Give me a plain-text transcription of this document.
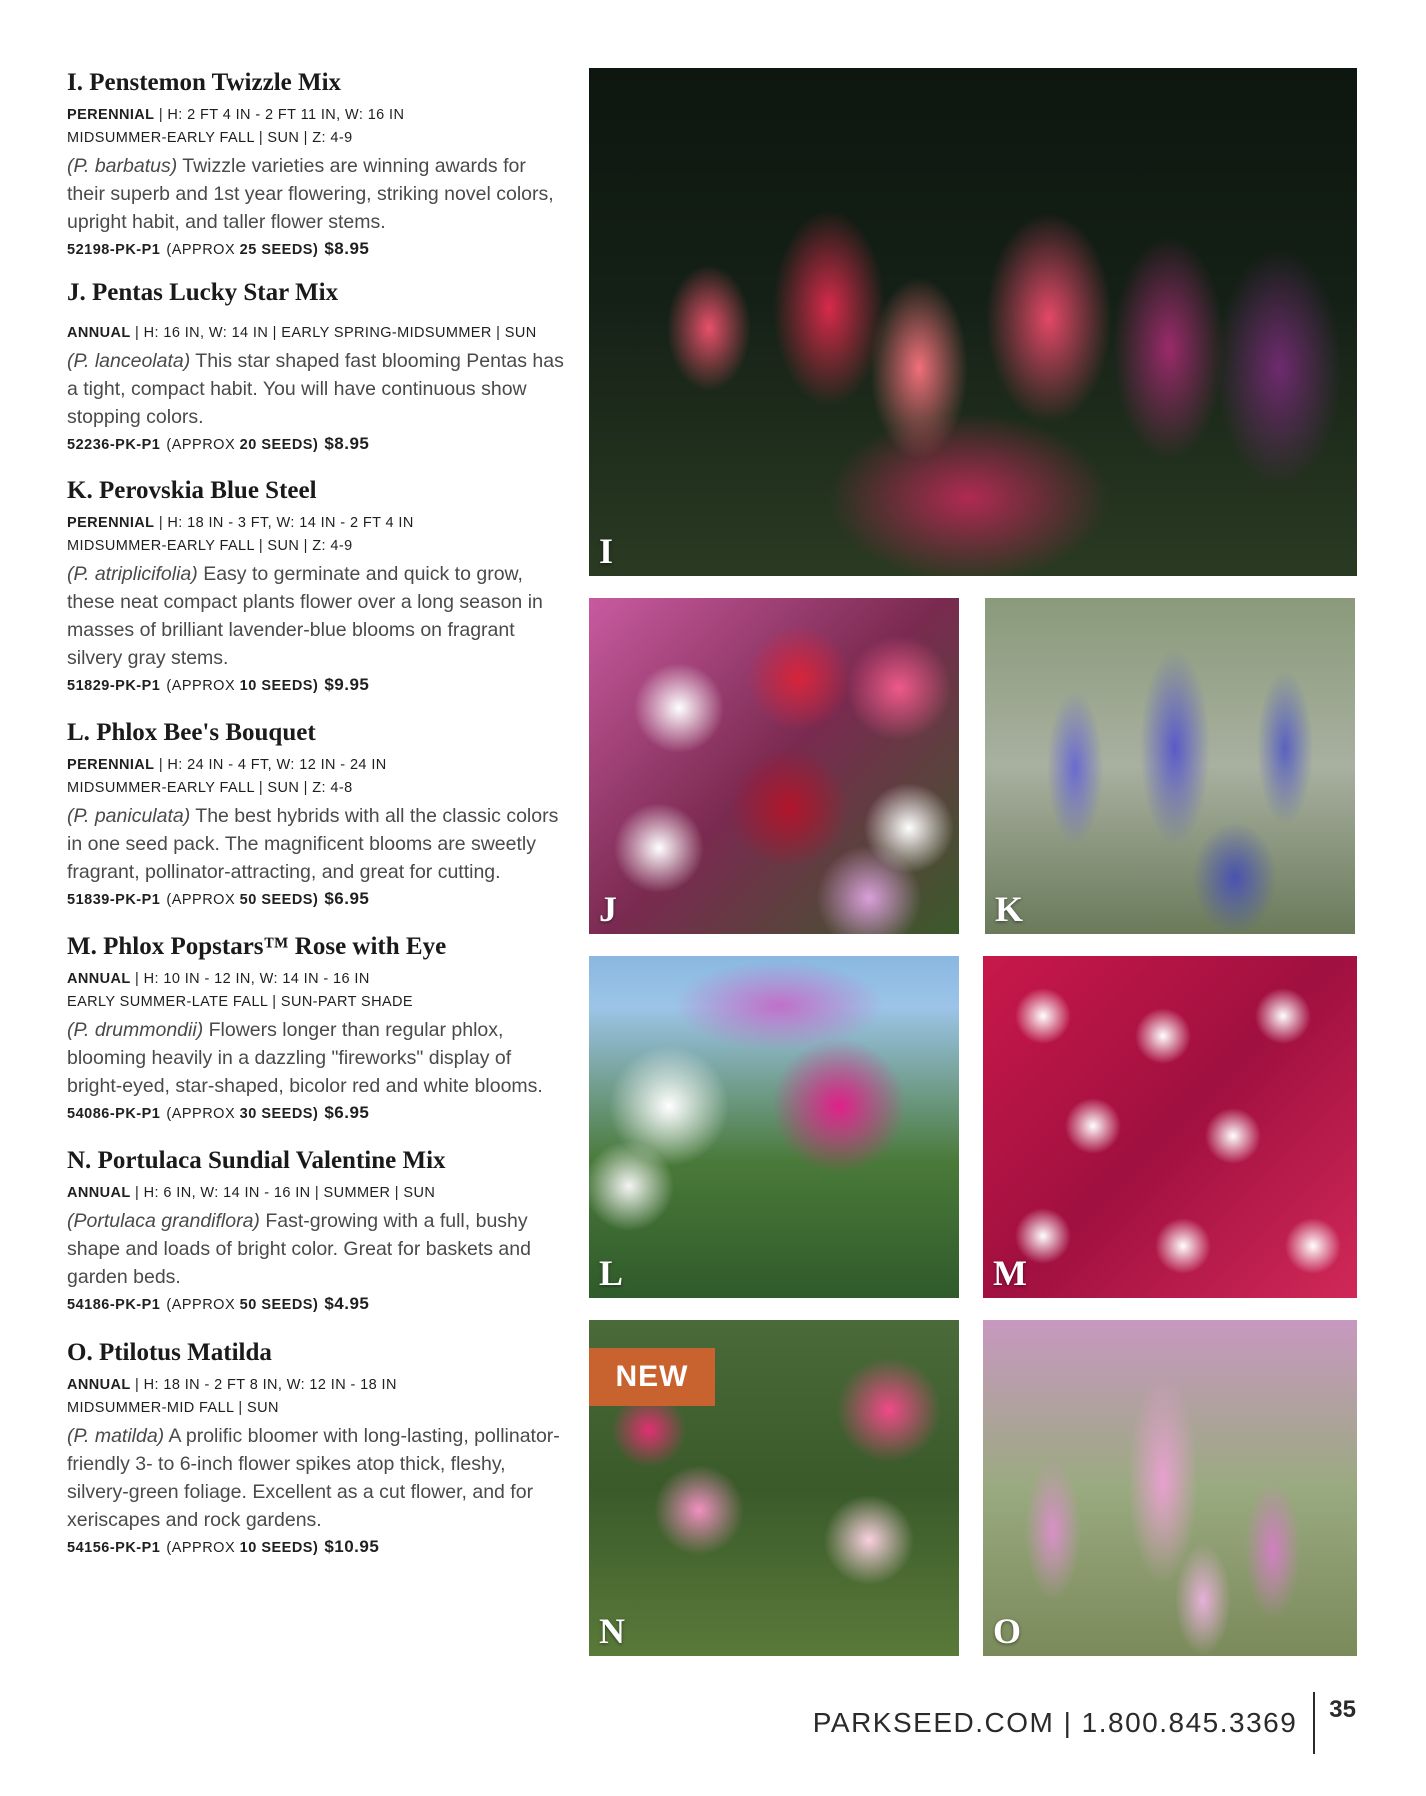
I. Penstemon Twizzle Mix
PERENNIAL | H: 2 FT 4 IN - 2 FT 11 IN, W: 16 IN
MIDSUMMER-EARLY FALL | SUN | Z: 4-9
(P. barbatus) Twizzle varieties are winning awards for their superb and 1st year flowering, striking novel colors, upright habit, and taller flower stems.
52198-PK-P1 (APPROX 25 SEEDS) $8.95
J. Pentas Lucky Star Mix
ANNUAL | H: 16 IN, W: 14 IN | EARLY SPRING-MIDSUMMER | SUN
(P. lanceolata) This star shaped fast blooming Pentas has a tight, compact habit. You will have continuous show stopping colors.
52236-PK-P1 (APPROX 20 SEEDS) $8.95
K. Perovskia Blue Steel
PERENNIAL | H: 18 IN - 3 FT, W: 14 IN - 2 FT 4 IN
MIDSUMMER-EARLY FALL | SUN | Z: 4-9
(P. atriplicifolia) Easy to germinate and quick to grow, these neat compact plants flower over a long season in masses of brilliant lavender-blue blooms on fragrant silvery gray stems.
51829-PK-P1 (APPROX 10 SEEDS) $9.95
L. Phlox Bee's Bouquet
PERENNIAL | H: 24 IN - 4 FT, W: 12 IN - 24 IN
MIDSUMMER-EARLY FALL | SUN | Z: 4-8
(P. paniculata) The best hybrids with all the classic colors in one seed pack. The magnificent blooms are sweetly fragrant, pollinator-attracting, and great for cutting.
51839-PK-P1 (APPROX 50 SEEDS) $6.95
M. Phlox Popstars™ Rose with Eye
ANNUAL | H: 10 IN - 12 IN, W: 14 IN - 16 IN
EARLY SUMMER-LATE FALL | SUN-PART SHADE
(P. drummondii) Flowers longer than regular phlox, blooming heavily in a dazzling "fireworks" display of bright-eyed, star-shaped, bicolor red and white blooms.
54086-PK-P1 (APPROX 30 SEEDS) $6.95
N. Portulaca Sundial Valentine Mix
ANNUAL | H: 6 IN, W: 14 IN - 16 IN | SUMMER | SUN
(Portulaca grandiflora) Fast-growing with a full, bushy shape and loads of bright color. Great for baskets and garden beds.
54186-PK-P1 (APPROX 50 SEEDS) $4.95
O. Ptilotus Matilda
ANNUAL | H: 18 IN - 2 FT 8 IN, W: 12 IN - 18 IN
MIDSUMMER-MID FALL | SUN
(P. matilda) A prolific bloomer with long-lasting, pollinator-friendly 3- to 6-inch flower spikes atop thick, fleshy, silvery-green foliage. Excellent as a cut flower, and for xeriscapes and rock gardens.
54156-PK-P1 (APPROX 10 SEEDS) $10.95
I
J	K
L	M
NEW
N	O
PARKSEED.COM | 1.800.845.3369	35
